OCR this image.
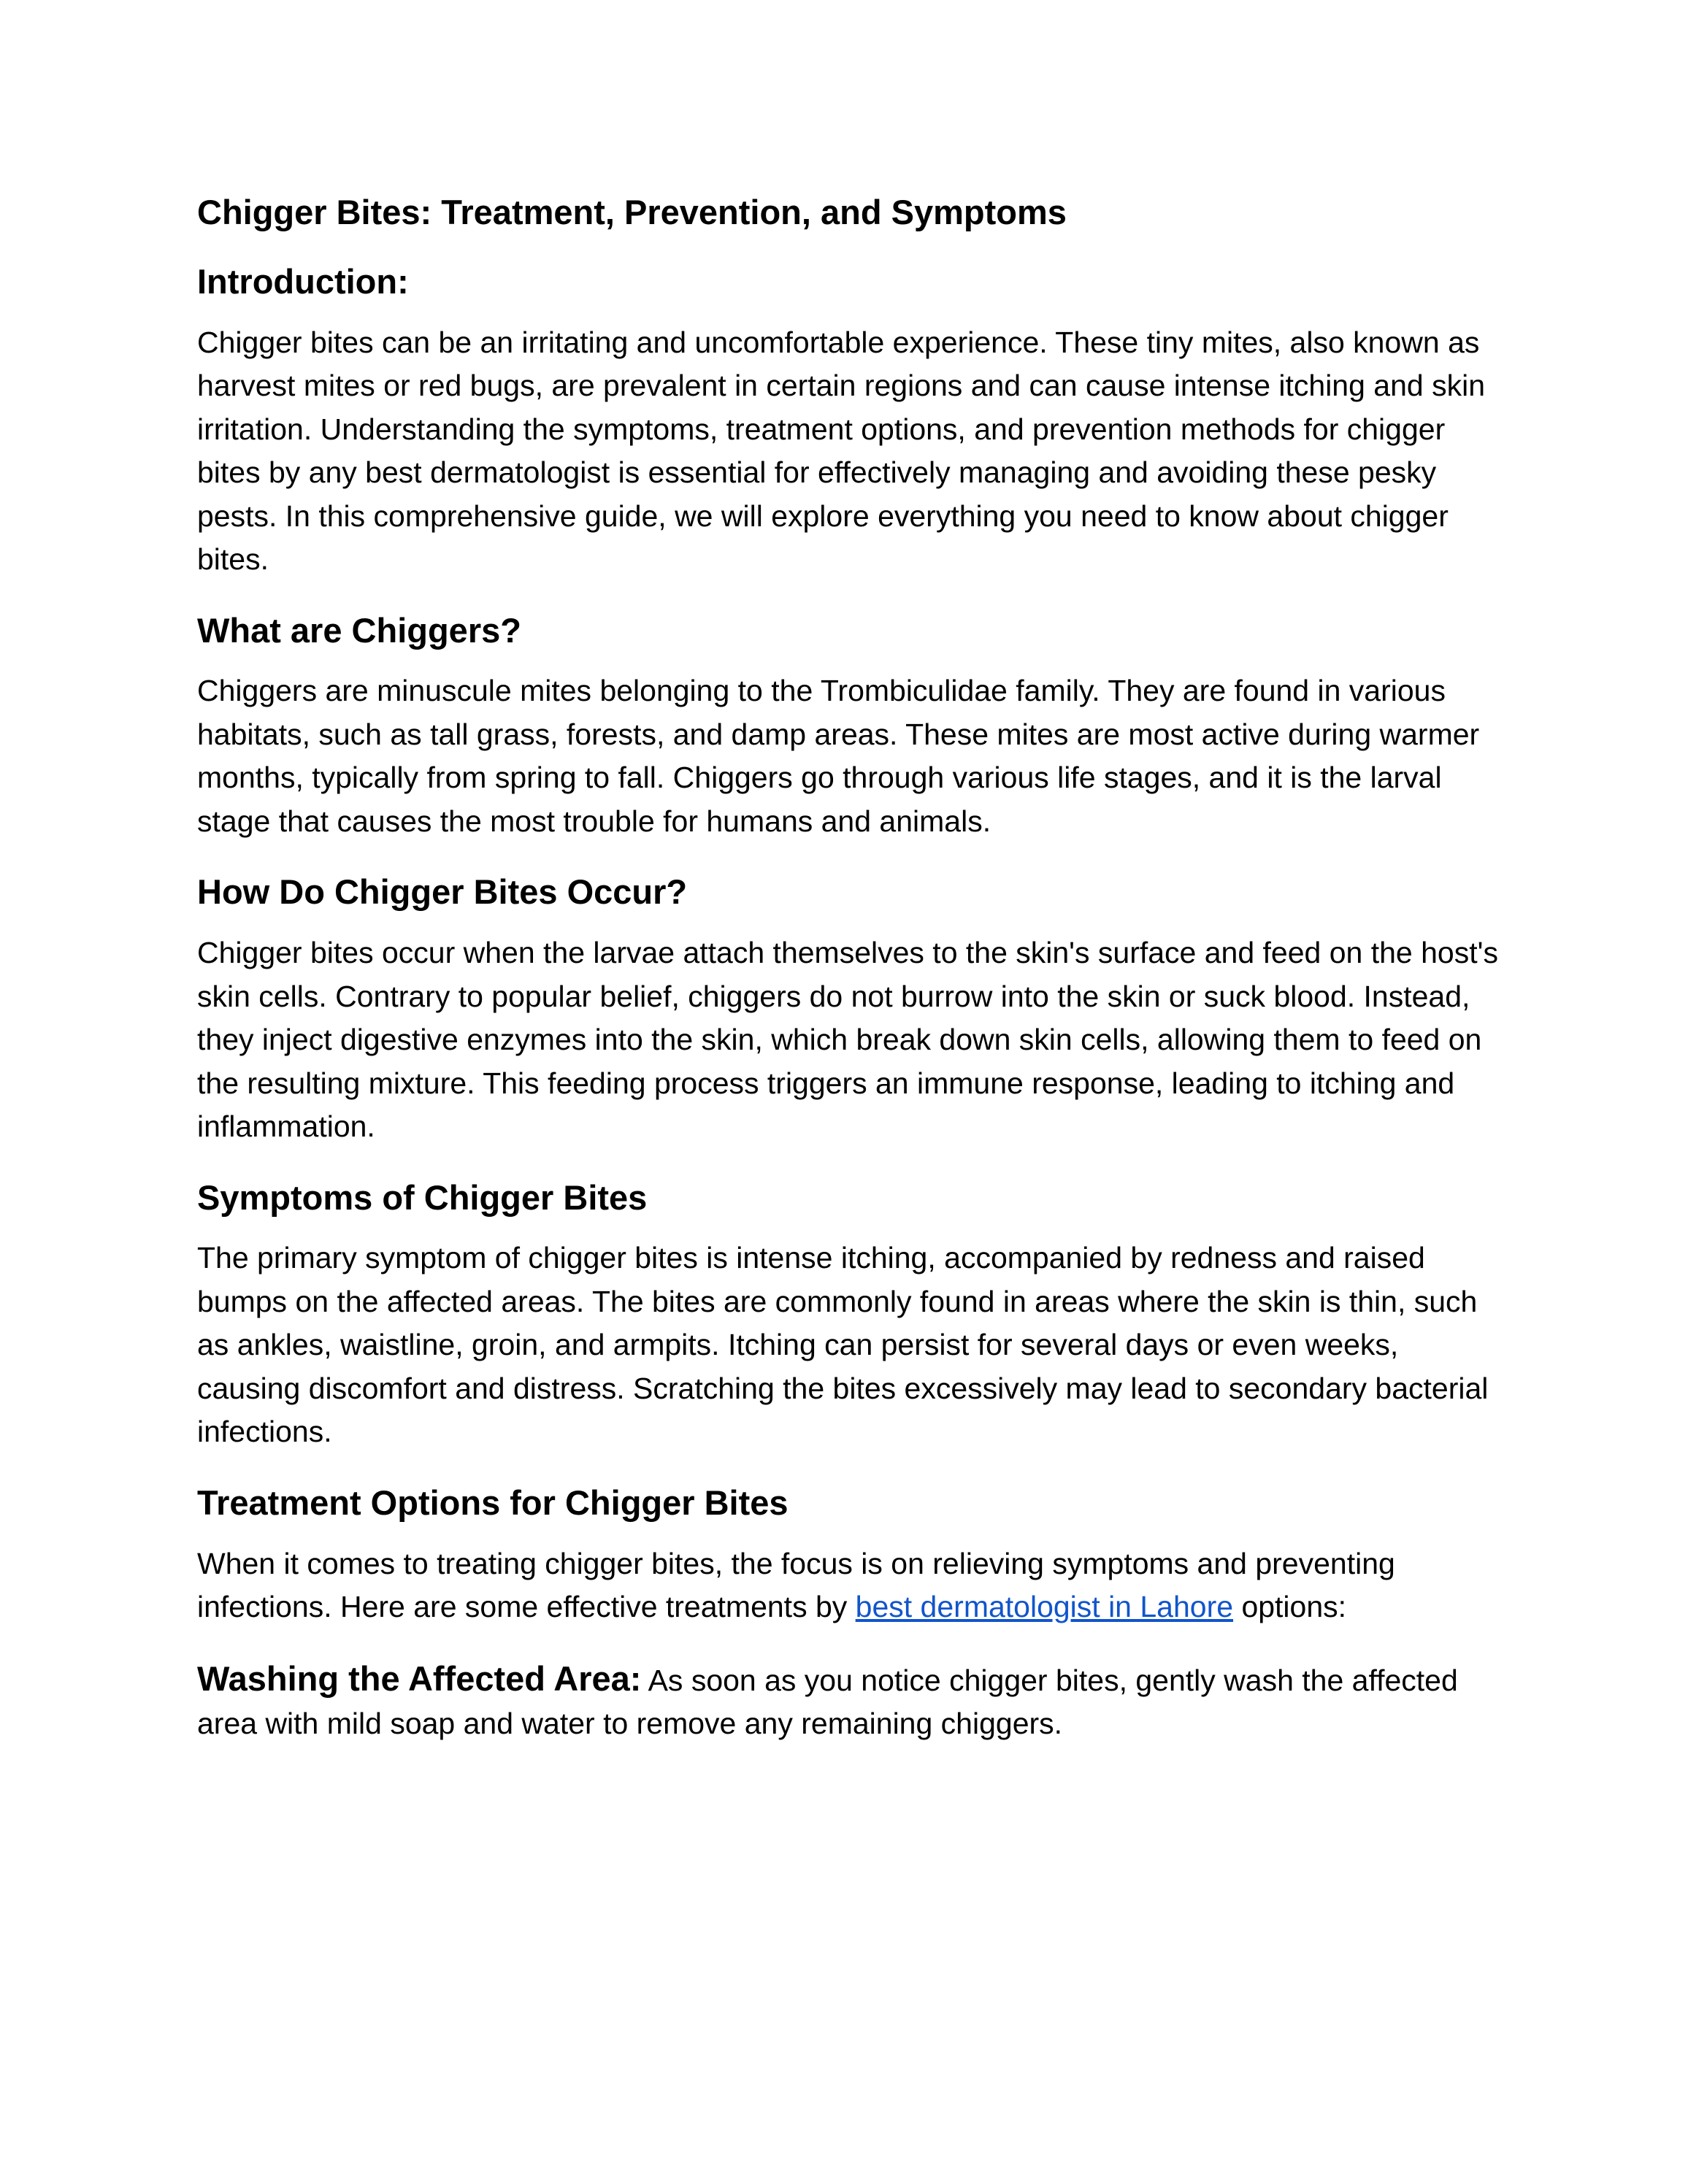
Chigger Bites: Treatment, Prevention, and Symptoms
Introduction:

Chigger bites can be an irritating and uncomfortable experience. These tiny mites, also known as harvest mites or red bugs, are prevalent in certain regions and can cause intense itching and skin irritation. Understanding the symptoms, treatment options, and prevention methods for chigger bites by any best dermatologist is essential for effectively managing and avoiding these pesky pests. In this comprehensive guide, we will explore everything you need to know about chigger bites.

What are Chiggers?

Chiggers are minuscule mites belonging to the Trombiculidae family. They are found in various habitats, such as tall grass, forests, and damp areas. These mites are most active during warmer months, typically from spring to fall. Chiggers go through various life stages, and it is the larval stage that causes the most trouble for humans and animals.

How Do Chigger Bites Occur?

Chigger bites occur when the larvae attach themselves to the skin's surface and feed on the host's skin cells. Contrary to popular belief, chiggers do not burrow into the skin or suck blood. Instead, they inject digestive enzymes into the skin, which break down skin cells, allowing them to feed on the resulting mixture. This feeding process triggers an immune response, leading to itching and inflammation.

Symptoms of Chigger Bites

The primary symptom of chigger bites is intense itching, accompanied by redness and raised bumps on the affected areas. The bites are commonly found in areas where the skin is thin, such as ankles, waistline, groin, and armpits. Itching can persist for several days or even weeks, causing discomfort and distress. Scratching the bites excessively may lead to secondary bacterial infections.

Treatment Options for Chigger Bites

When it comes to treating chigger bites, the focus is on relieving symptoms and preventing infections. Here are some effective treatments by best dermatologist in Lahore options:

Washing the Affected Area: As soon as you notice chigger bites, gently wash the affected area with mild soap and water to remove any remaining chiggers.
